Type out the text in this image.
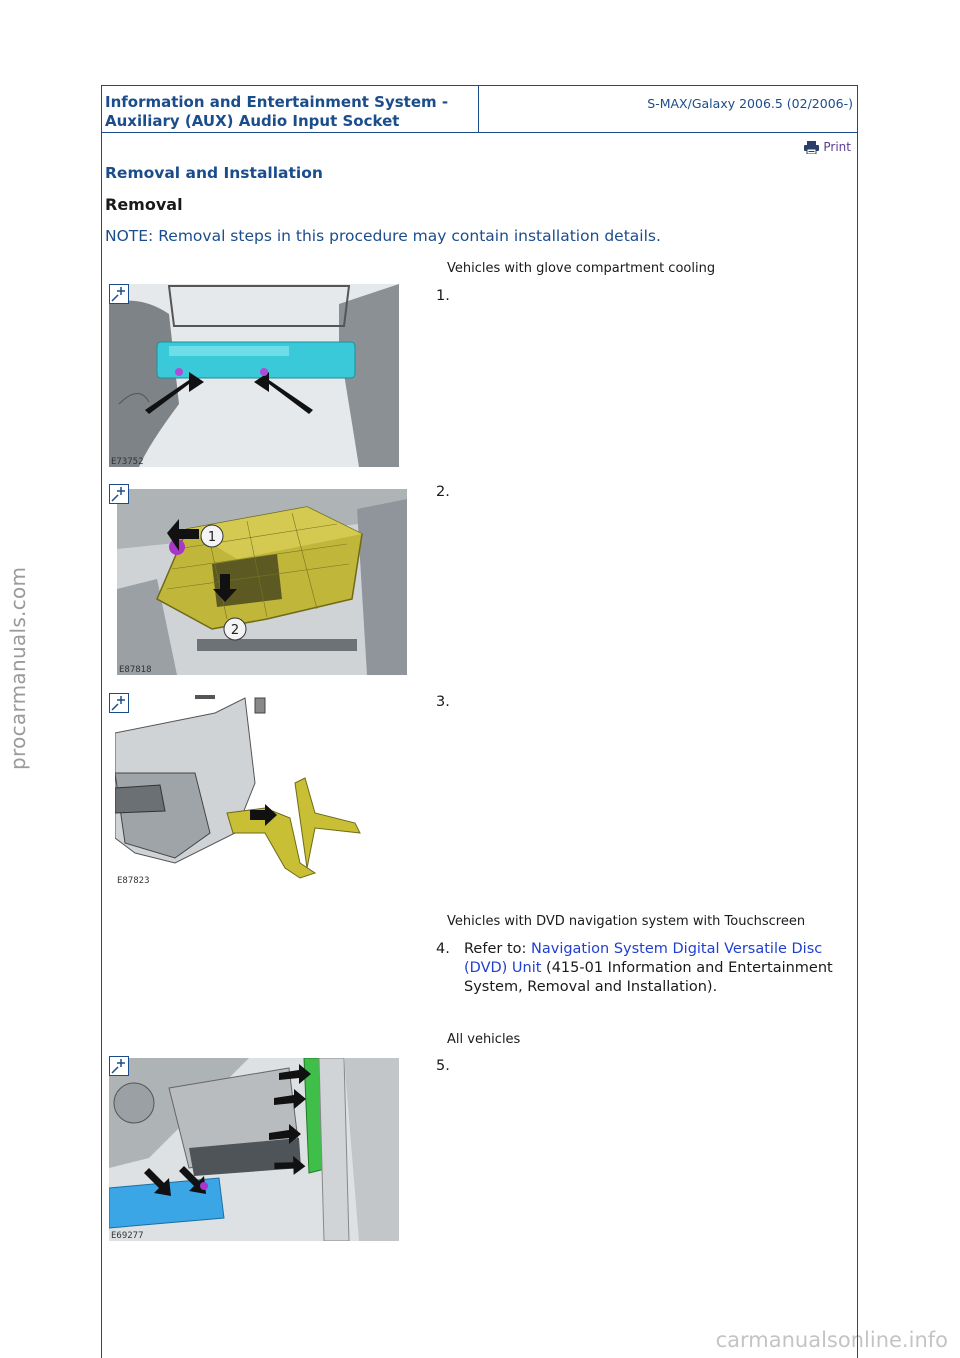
procarmanuals.com
carmanualsonline.info
Information and Entertainment System -
Auxiliary (AUX) Audio Input Socket
S-MAX/Galaxy 2006.5 (02/2006-)
Print
Removal and Installation
Removal
NOTE: Removal steps in this procedure may contain installation details.
Vehicles with glove compartment cooling
E73752
1.
1
2
E87818
2.
E87823
3.
Vehicles with DVD navigation system with Touchscreen
4. Refer to: Navigation System Digital Versatile Disc (DVD) Unit (415-01 Information and Entertainment System, Removal and Installation).
All vehicles
E69277
5.
